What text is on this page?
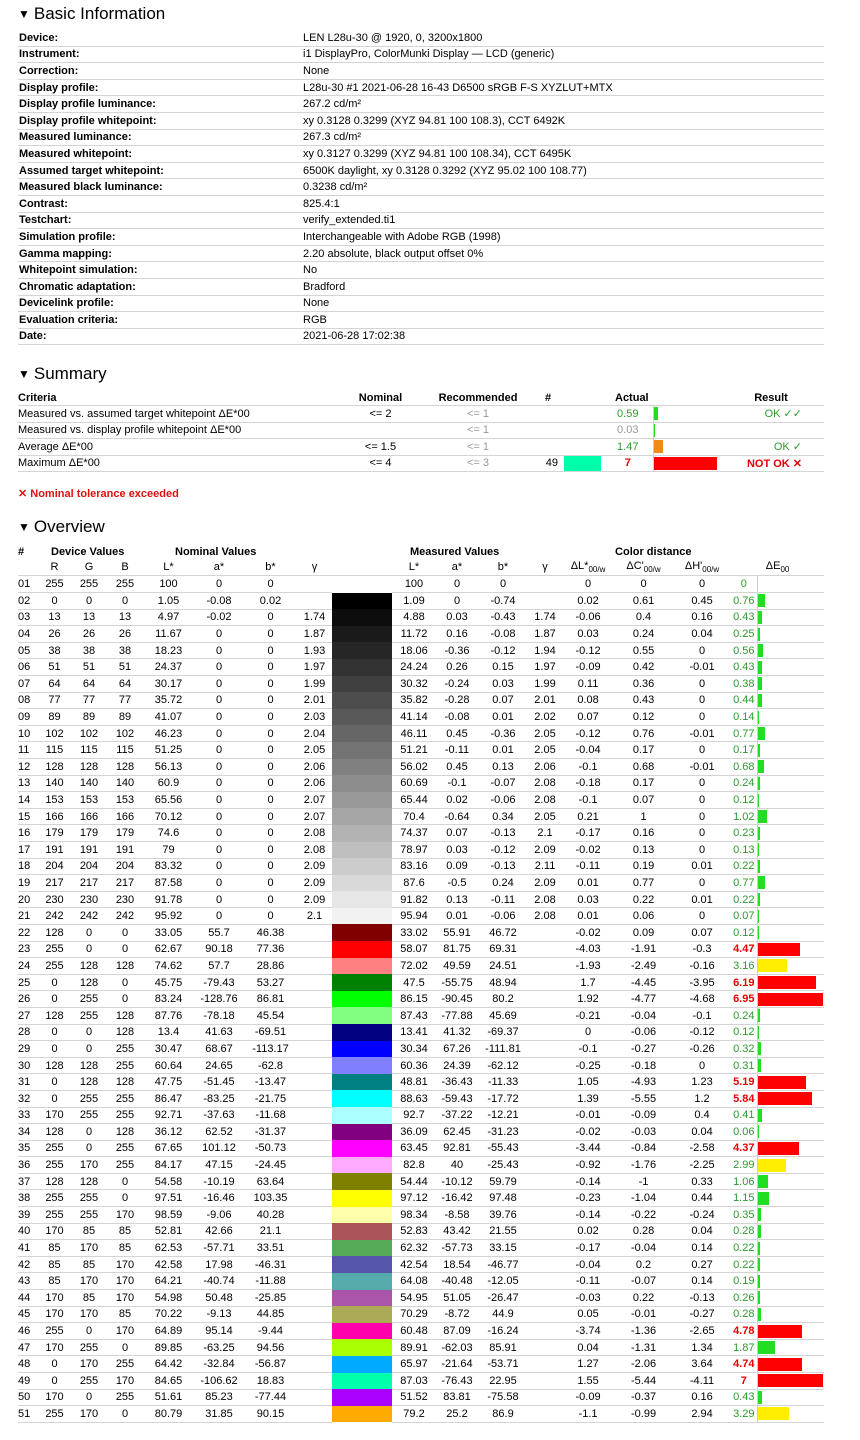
▼ Basic Information
Device:	LEN L28u-30 @ 1920, 0, 3200x1800
Instrument:	i1 DisplayPro, ColorMunki Display — LCD (generic)
Correction:	None
Display profile:	L28u-30 #1 2021-06-28 16-43 D6500 sRGB F-S XYZLUT+MTX
Display profile luminance:	267.2 cd/m²
Display profile whitepoint:	xy 0.3128 0.3299 (XYZ 94.81 100 108.3), CCT 6492K
Measured luminance:	267.3 cd/m²
Measured whitepoint:	xy 0.3127 0.3299 (XYZ 94.81 100 108.34), CCT 6495K
Assumed target whitepoint:	6500K daylight, xy 0.3128 0.3292 (XYZ 95.02 100 108.77)
Measured black luminance:	0.3238 cd/m²
Contrast:	825.4:1
Testchart:	verify_extended.ti1
Simulation profile:	Interchangeable with Adobe RGB (1998)
Gamma mapping:	2.20 absolute, black output offset 0%
Whitepoint simulation:	No
Chromatic adaptation:	Bradford
Devicelink profile:	None
Evaluation criteria:	RGB
Date:	2021-06-28 17:02:38
▼ Summary
Criteria	Nominal	Recommended	#	Actual			Result
Measured vs. assumed target whitepoint ΔE*00	<= 2	<= 1			0.59		OK ✓✓
Measured vs. display profile whitepoint ΔE*00		<= 1			0.03		
Average ΔE*00	<= 1.5	<= 1			1.47		OK ✓
Maximum ΔE*00	<= 4	<= 3	49		7		NOT OK ✕
✕ Nominal tolerance exceeded
▼ Overview
#	Device Values			Nominal Values					Measured Values				Color distance				
	R	G	B	L*	a*	b*	γ		L*	a*	b*	γ	$\Delta L*_{00/w}$	$\Delta C'_{00/w}$	$\Delta H'_{00/w}$	$\Delta E_{00}$
01	255	255	255	100	0	0			100	0	0		0	0	0	0	
02	0	0	0	1.05	-0.08	0.02			1.09	0	-0.74		0.02	0.61	0.45	0.76	
03	13	13	13	4.97	-0.02	0	1.74		4.88	0.03	-0.43	1.74	-0.06	0.4	0.16	0.43	
04	26	26	26	11.67	0	0	1.87		11.72	0.16	-0.08	1.87	0.03	0.24	0.04	0.25	
05	38	38	38	18.23	0	0	1.93		18.06	-0.36	-0.12	1.94	-0.12	0.55	0	0.56	
06	51	51	51	24.37	0	0	1.97		24.24	0.26	0.15	1.97	-0.09	0.42	-0.01	0.43	
07	64	64	64	30.17	0	0	1.99		30.32	-0.24	0.03	1.99	0.11	0.36	0	0.38	
08	77	77	77	35.72	0	0	2.01		35.82	-0.28	0.07	2.01	0.08	0.43	0	0.44	
09	89	89	89	41.07	0	0	2.03		41.14	-0.08	0.01	2.02	0.07	0.12	0	0.14	
10	102	102	102	46.23	0	0	2.04		46.11	0.45	-0.36	2.05	-0.12	0.76	-0.01	0.77	
11	115	115	115	51.25	0	0	2.05		51.21	-0.11	0.01	2.05	-0.04	0.17	0	0.17	
12	128	128	128	56.13	0	0	2.06		56.02	0.45	0.13	2.06	-0.1	0.68	-0.01	0.68	
13	140	140	140	60.9	0	0	2.06		60.69	-0.1	-0.07	2.08	-0.18	0.17	0	0.24	
14	153	153	153	65.56	0	0	2.07		65.44	0.02	-0.06	2.08	-0.1	0.07	0	0.12	
15	166	166	166	70.12	0	0	2.07		70.4	-0.64	0.34	2.05	0.21	1	0	1.02	
16	179	179	179	74.6	0	0	2.08		74.37	0.07	-0.13	2.1	-0.17	0.16	0	0.23	
17	191	191	191	79	0	0	2.08		78.97	0.03	-0.12	2.09	-0.02	0.13	0	0.13	
18	204	204	204	83.32	0	0	2.09		83.16	0.09	-0.13	2.11	-0.11	0.19	0.01	0.22	
19	217	217	217	87.58	0	0	2.09		87.6	-0.5	0.24	2.09	0.01	0.77	0	0.77	
20	230	230	230	91.78	0	0	2.09		91.82	0.13	-0.11	2.08	0.03	0.22	0.01	0.22	
21	242	242	242	95.92	0	0	2.1		95.94	0.01	-0.06	2.08	0.01	0.06	0	0.07	
22	128	0	0	33.05	55.7	46.38			33.02	55.91	46.72		-0.02	0.09	0.07	0.12	
23	255	0	0	62.67	90.18	77.36			58.07	81.75	69.31		-4.03	-1.91	-0.3	4.47	
24	255	128	128	74.62	57.7	28.86			72.02	49.59	24.51		-1.93	-2.49	-0.16	3.16	
25	0	128	0	45.75	-79.43	53.27			47.5	-55.75	48.94		1.7	-4.45	-3.95	6.19	
26	0	255	0	83.24	-128.76	86.81			86.15	-90.45	80.2		1.92	-4.77	-4.68	6.95	
27	128	255	128	87.76	-78.18	45.54			87.43	-77.88	45.69		-0.21	-0.04	-0.1	0.24	
28	0	0	128	13.4	41.63	-69.51			13.41	41.32	-69.37		0	-0.06	-0.12	0.12	
29	0	0	255	30.47	68.67	-113.17			30.34	67.26	-111.81		-0.1	-0.27	-0.26	0.32	
30	128	128	255	60.64	24.65	-62.8			60.36	24.39	-62.12		-0.25	-0.18	0	0.31	
31	0	128	128	47.75	-51.45	-13.47			48.81	-36.43	-11.33		1.05	-4.93	1.23	5.19	
32	0	255	255	86.47	-83.25	-21.75			88.63	-59.43	-17.72		1.39	-5.55	1.2	5.84	
33	170	255	255	92.71	-37.63	-11.68			92.7	-37.22	-12.21		-0.01	-0.09	0.4	0.41	
34	128	0	128	36.12	62.52	-31.37			36.09	62.45	-31.23		-0.02	-0.03	0.04	0.06	
35	255	0	255	67.65	101.12	-50.73			63.45	92.81	-55.43		-3.44	-0.84	-2.58	4.37	
36	255	170	255	84.17	47.15	-24.45			82.8	40	-25.43		-0.92	-1.76	-2.25	2.99	
37	128	128	0	54.58	-10.19	63.64			54.44	-10.12	59.79		-0.14	-1	0.33	1.06	
38	255	255	0	97.51	-16.46	103.35			97.12	-16.42	97.48		-0.23	-1.04	0.44	1.15	
39	255	255	170	98.59	-9.06	40.28			98.34	-8.58	39.76		-0.14	-0.22	-0.24	0.35	
40	170	85	85	52.81	42.66	21.1			52.83	43.42	21.55		0.02	0.28	0.04	0.28	
41	85	170	85	62.53	-57.71	33.51			62.32	-57.73	33.15		-0.17	-0.04	0.14	0.22	
42	85	85	170	42.58	17.98	-46.31			42.54	18.54	-46.77		-0.04	0.2	0.27	0.22	
43	85	170	170	64.21	-40.74	-11.88			64.08	-40.48	-12.05		-0.11	-0.07	0.14	0.19	
44	170	85	170	54.98	50.48	-25.85			54.95	51.05	-26.47		-0.03	0.22	-0.13	0.26	
45	170	170	85	70.22	-9.13	44.85			70.29	-8.72	44.9		0.05	-0.01	-0.27	0.28	
46	255	0	170	64.89	95.14	-9.44			60.48	87.09	-16.24		-3.74	-1.36	-2.65	4.78	
47	170	255	0	89.85	-63.25	94.56			89.91	-62.03	85.91		0.04	-1.31	1.34	1.87	
48	0	170	255	64.42	-32.84	-56.87			65.97	-21.64	-53.71		1.27	-2.06	3.64	4.74	
49	0	255	170	84.65	-106.62	18.83			87.03	-76.43	22.95		1.55	-5.44	-4.11	7	
50	170	0	255	51.61	85.23	-77.44			51.52	83.81	-75.58		-0.09	-0.37	0.16	0.43	
51	255	170	0	80.79	31.85	90.15			79.2	25.2	86.9		-1.1	-0.99	2.94	3.29	
